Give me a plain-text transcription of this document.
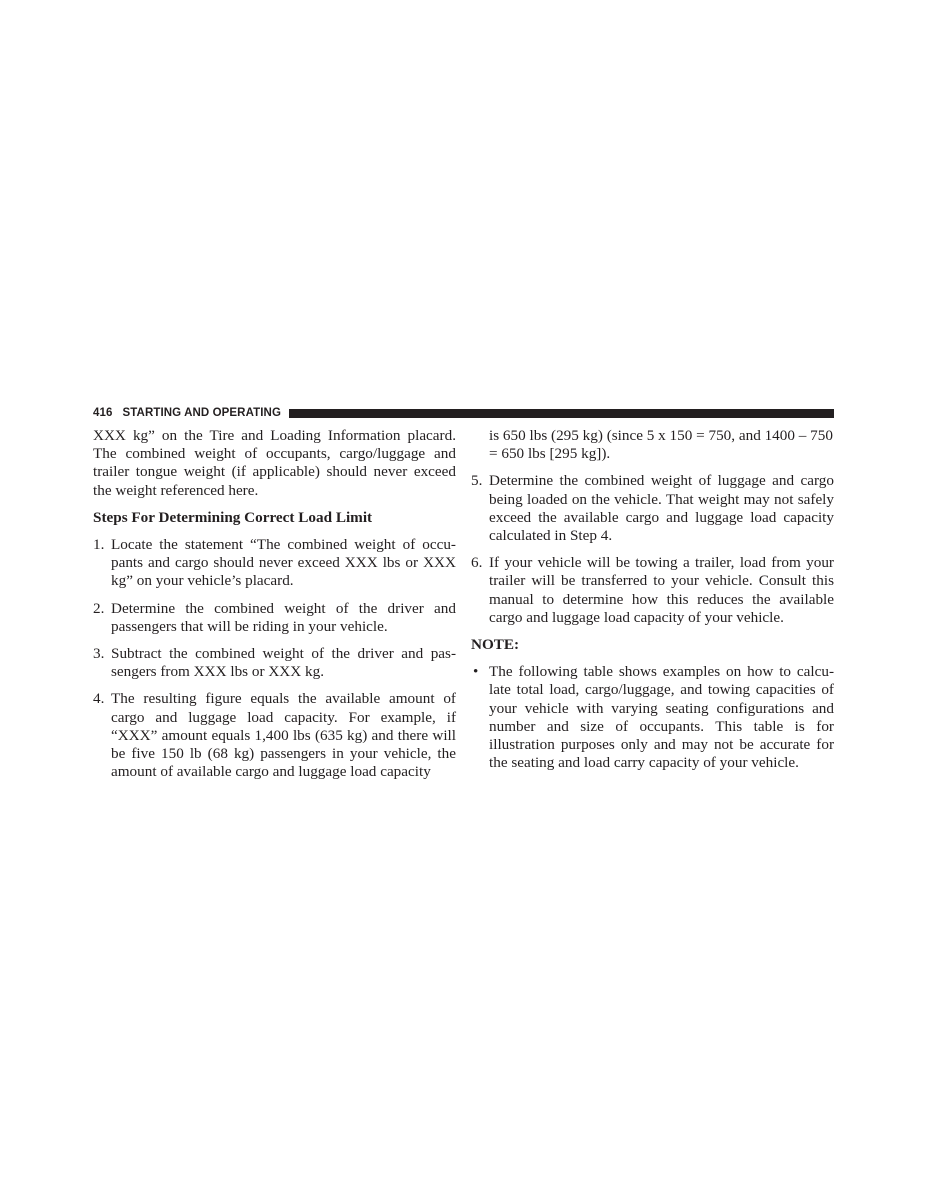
416 STARTING AND OPERATING

XXX kg” on the Tire and Loading Information placard. The combined weight of occupants, cargo/luggage and trailer tongue weight (if applicable) should never exceed the weight referenced here.

Steps For Determining Correct Load Limit

1. Locate the statement “The combined weight of occu-pants and cargo should never exceed XXX lbs or XXX kg” on your vehicle’s placard.
2. Determine the combined weight of the driver and passengers that will be riding in your vehicle.
3. Subtract the combined weight of the driver and pas-sengers from XXX lbs or XXX kg.
4. The resulting figure equals the available amount of cargo and luggage load capacity. For example, if “XXX” amount equals 1,400 lbs (635 kg) and there will be five 150 lb (68 kg) passengers in your vehicle, the amount of available cargo and luggage load capacity

is 650 lbs (295 kg) (since 5 x 150 = 750, and 1400 – 750 = 650 lbs [295 kg]).

5. Determine the combined weight of luggage and cargo being loaded on the vehicle. That weight may not safely exceed the available cargo and luggage load capacity calculated in Step 4.
6. If your vehicle will be towing a trailer, load from your trailer will be transferred to your vehicle. Consult this manual to determine how this reduces the available cargo and luggage load capacity of your vehicle.

NOTE:

• The following table shows examples on how to calcu-late total load, cargo/luggage, and towing capacities of your vehicle with varying seating configurations and number and size of occupants. This table is for illustration purposes only and may not be accurate for the seating and load carry capacity of your vehicle.
